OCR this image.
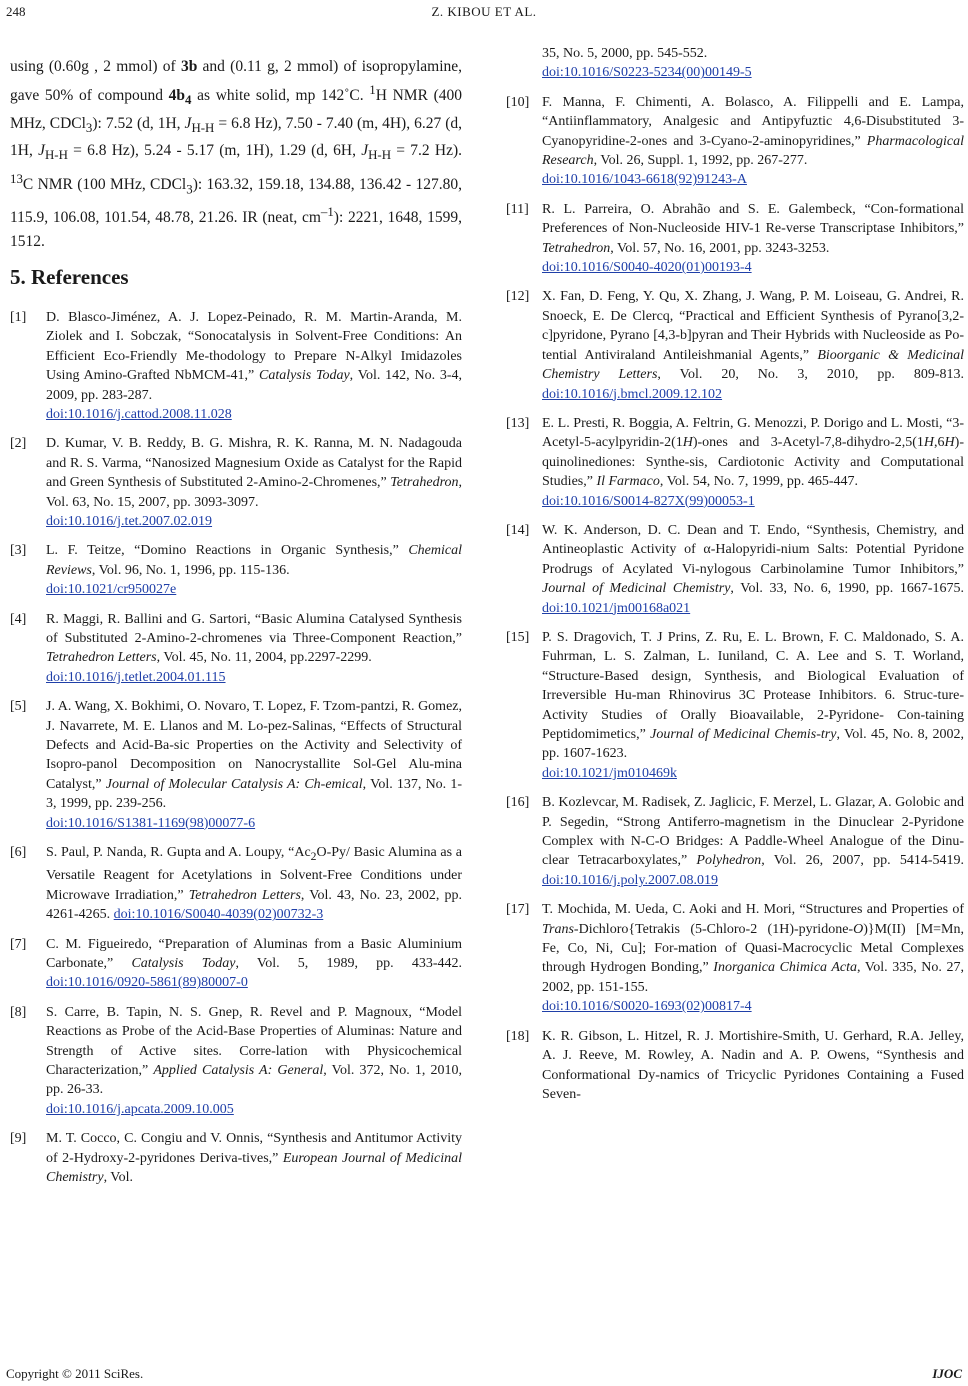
248	Z. KIBOU ET AL.

using (0.60g , 2 mmol) of 3b and (0.11 g, 2 mmol) of isopropylamine, gave 50% of compound $4b_4$ as white solid, mp 142˚C. $^1$H NMR (400 MHz, CDCl$_3$): 7.52 (d, 1H, $J_{H-H} = 6.8$ Hz), 7.50 - 7.40 (m, 4H), 6.27 (d, 1H, $J_{H-H} = 6.8$ Hz), 5.24 - 5.17 (m, 1H), 1.29 (d, 6H, $J_{H-H} = 7.2$ Hz). $^{13}$C NMR (100 MHz, CDCl$_3$): 163.32, 159.18, 134.88, 136.42 - 127.80, 115.9, 106.08, 101.54, 48.78, 21.26. IR (neat, $cm^{-1}$): 2221, 1648, 1599, 1512.

5. References
[1]	D. Blasco-Jiménez, A. J. Lopez-Peinado, R. M. Martin-Aranda, M. Ziolek and I. Sobczak, “Sonocatalysis in Solvent-Free Conditions: An Efficient Eco-Friendly Me-thodology to Prepare N-Alkyl Imidazoles Using Amino-Grafted NbMCM-41,” Catalysis Today, Vol. 142, No. 3-4, 2009, pp. 283-287.
doi:10.1016/j.cattod.2008.11.028
[2]	D. Kumar, V. B. Reddy, B. G. Mishra, R. K. Ranna, M. N. Nadagouda and R. S. Varma, “Nanosized Magnesium Oxide as Catalyst for the Rapid and Green Synthesis of Substituted 2-Amino-2-Chromenes,” Tetrahedron, Vol. 63, No. 15, 2007, pp. 3093-3097.
doi:10.1016/j.tet.2007.02.019
[3]	L. F. Teitze, “Domino Reactions in Organic Synthesis,” Chemical Reviews, Vol. 96, No. 1, 1996, pp. 115-136.
doi:10.1021/cr950027e
[4]	R. Maggi, R. Ballini and G. Sartori, “Basic Alumina Catalysed Synthesis of Substituted 2-Amino-2-chromenes via Three-Component Reaction,” Tetrahedron Letters, Vol. 45, No. 11, 2004, pp.2297-2299.
doi:10.1016/j.tetlet.2004.01.115
[5]	J. A. Wang, X. Bokhimi, O. Novaro, T. Lopez, F. Tzom-pantzi, R. Gomez, J. Navarrete, M. E. Llanos and M. Lo-pez-Salinas, “Effects of Structural Defects and Acid-Ba-sic Properties on the Activity and Selectivity of Isopro-panol Decomposition on Nanocrystallite Sol-Gel Alu-mina Catalyst,” Journal of Molecular Catalysis A: Ch-emical, Vol. 137, No. 1-3, 1999, pp. 239-256.
doi:10.1016/S1381-1169(98)00077-6
[6]	S. Paul, P. Nanda, R. Gupta and A. Loupy, “$Ac_2O-Py/$ Basic Alumina as a Versatile Reagent for Acetylations in Solvent-Free Conditions under Microwave Irradiation,” Tetrahedron Letters, Vol. 43, No. 23, 2002, pp. 4261-4265. doi:10.1016/S0040-4039(02)00732-3
[7]	C. M. Figueiredo, “Preparation of Aluminas from a Basic Aluminium Carbonate,” Catalysis Today, Vol. 5, 1989, pp. 433-442. doi:10.1016/0920-5861(89)80007-0
[8]	S. Carre, B. Tapin, N. S. Gnep, R. Revel and P. Magnoux, “Model Reactions as Probe of the Acid-Base Properties of Aluminas: Nature and Strength of Active sites. Corre-lation with Physicochemical Characterization,” Applied Catalysis A: General, Vol. 372, No. 1, 2010, pp. 26-33.
doi:10.1016/j.apcata.2009.10.005
[9]	M. T. Cocco, C. Congiu and V. Onnis, “Synthesis and Antitumor Activity of 2-Hydroxy-2-pyridones Deriva-tives,” European Journal of Medicinal Chemistry, Vol.
35, No. 5, 2000, pp. 545-552.
doi:10.1016/S0223-5234(00)00149-5
[10] F. Manna, F. Chimenti, A. Bolasco, A. Filippelli and E. Lampa, “Antiinflammatory, Analgesic and Antipyfuztic 4,6-Disubstituted 3-Cyanopyridine-2-ones and 3-Cyano-2-aminopyridines,” Pharmacological Research, Vol. 26, Suppl. 1, 1992, pp. 267-277.
doi:10.1016/1043-6618(92)91243-A
[11] R. L. Parreira, O. Abrahão and S. E. Galembeck, “Con-formational Preferences of Non-Nucleoside HIV-1 Re-verse Transcriptase Inhibitors,” Tetrahedron, Vol. 57, No. 16, 2001, pp. 3243-3253.
doi:10.1016/S0040-4020(01)00193-4
[12] X. Fan, D. Feng, Y. Qu, X. Zhang, J. Wang, P. M. Loiseau, G. Andrei, R. Snoeck, E. De Clercq, “Practical and Efficient Synthesis of Pyrano[3,2-c]pyridone, Pyrano [4,3-b]pyran and Their Hybrids with Nucleoside as Po-tential Antiviraland Antileishmanial Agents,” Bioorganic & Medicinal Chemistry Letters, Vol. 20, No. 3, 2010, pp. 809-813. doi:10.1016/j.bmcl.2009.12.102
[13] E. L. Presti, R. Boggia, A. Feltrin, G. Menozzi, P. Dorigo and L. Mosti, “3-Acetyl-5-acylpyridin-2(1H)-ones and 3-Acetyl-7,8-dihydro-2,5(1H,6H)-quinolinediones: Synthe-sis, Cardiotonic Activity and Computational Studies,” Il Farmaco, Vol. 54, No. 7, 1999, pp. 465-447.
doi:10.1016/S0014-827X(99)00053-1
[14] W. K. Anderson, D. C. Dean and T. Endo, “Synthesis, Chemistry, and Antineoplastic Activity of α-Halopyridi-nium Salts: Potential Pyridone Prodrugs of Acylated Vi-nylogous Carbinolamine Tumor Inhibitors,” Journal of Medicinal Chemistry, Vol. 33, No. 6, 1990, pp. 1667-1675. doi:10.1021/jm00168a021
[15] P. S. Dragovich, T. J Prins, Z. Ru, E. L. Brown, F. C. Maldonado, S. A. Fuhrman, L. S. Zalman, L. Iuniland, C. A. Lee and S. T. Worland, “Structure-Based design, Synthesis, and Biological Evaluation of Irreversible Hu-man Rhinovirus 3C Protease Inhibitors. 6. Struc-ture-Activity Studies of Orally Bioavailable, 2-Pyridone- Con-taining Peptidomimetics,” Journal of Medicinal Chemis-try, Vol. 45, No. 8, 2002, pp. 1607-1623.
doi:10.1021/jm010469k
[16] B. Kozlevcar, M. Radisek, Z. Jaglicic, F. Merzel, L. Glazar, A. Golobic and P. Segedin, “Strong Antiferro-magnetism in the Dinuclear 2-Pyridone Complex with N-C-O Bridges: A Paddle-Wheel Analogue of the Dinu-clear Tetracarboxylates,” Polyhedron, Vol. 26, 2007, pp. 5414-5419. doi:10.1016/j.poly.2007.08.019
[17] T. Mochida, M. Ueda, C. Aoki and H. Mori, “Structures and Properties of Trans-Dichloro{Tetrakis (5-Chloro-2 (1H)-pyridone-O)}M(II) [M=Mn, Fe, Co, Ni, Cu]; For-mation of Quasi-Macrocyclic Metal Complexes through Hydrogen Bonding,” Inorganica Chimica Acta, Vol. 335, No. 27, 2002, pp. 151-155.
doi:10.1016/S0020-1693(02)00817-4
[18] K. R. Gibson, L. Hitzel, R. J. Mortishire-Smith, U. Gerhard, R.A. Jelley, A. J. Reeve, M. Rowley, A. Nadin and A. P. Owens, “Synthesis and Conformational Dy-namics of Tricyclic Pyridones Containing a Fused Seven-
Copyright © 2011 SciRes.	IJOC
